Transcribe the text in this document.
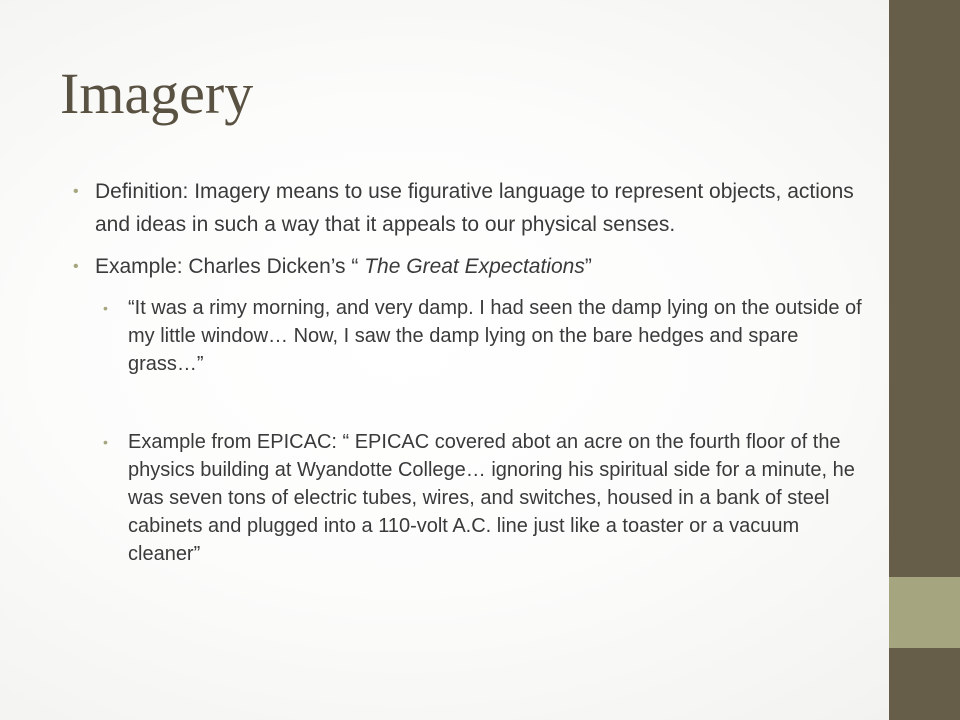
Imagery
• Definition: Imagery means to use figurative language to represent objects, actions and ideas in such a way that it appeals to our physical senses.
• Example: Charles Dicken’s “ The Great Expectations”
• “It was a rimy morning, and very damp. I had seen the damp lying on the outside of my little window… Now, I saw the damp lying on the bare hedges and spare grass…”
• Example from EPICAC: “ EPICAC covered abot an acre on the fourth floor of the physics building at Wyandotte College… ignoring his spiritual side for a minute, he was seven tons of electric tubes, wires, and switches, housed in a bank of steel cabinets and plugged into a 110-volt A.C. line just like a toaster or a vacuum cleaner”
